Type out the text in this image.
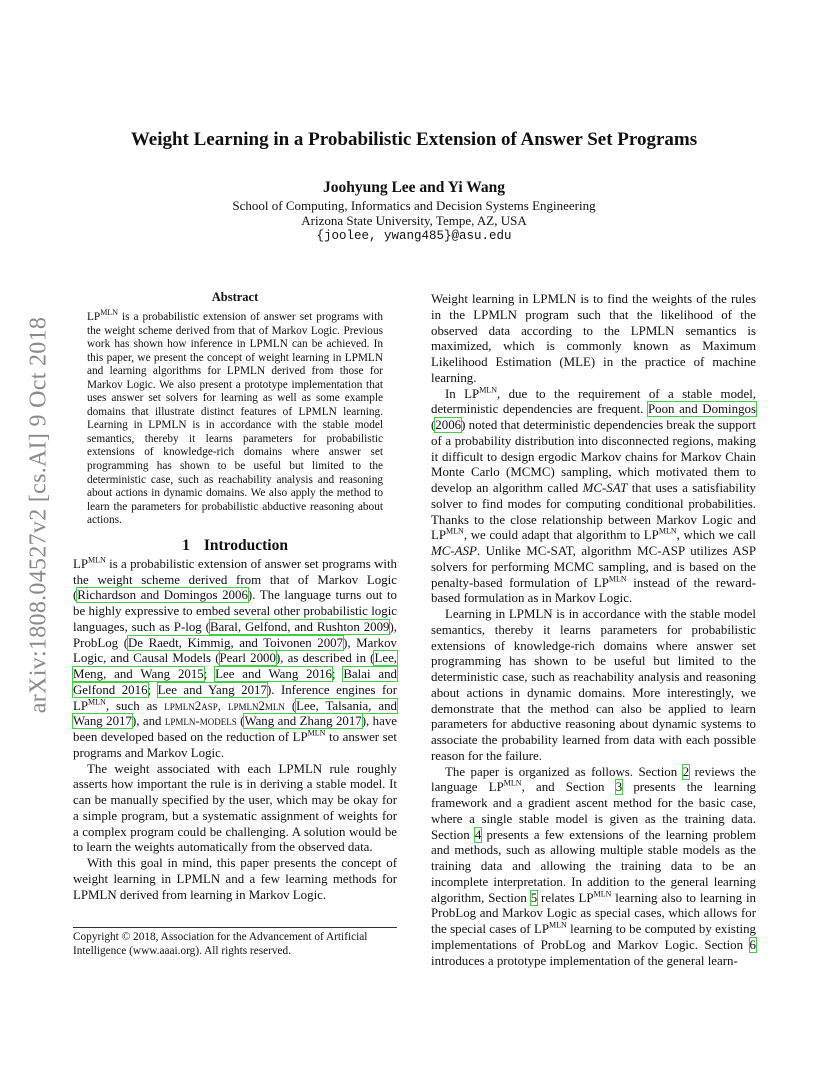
arXiv:1808.04527v2 [cs.AI] 9 Oct 2018
Weight Learning in a Probabilistic Extension of Answer Set Programs
Joohyung Lee and Yi Wang
School of Computing, Informatics and Decision Systems Engineering
Arizona State University, Tempe, AZ, USA
{joolee, ywang485}@asu.edu
Abstract

$LP^{MLN}$ is a probabilistic extension of answer set programs with the weight scheme derived from that of Markov Logic. Previous work has shown how inference in LPMLN can be achieved. In this paper, we present the concept of weight learning in LPMLN and learning algorithms for LPMLN derived from those for Markov Logic. We also present a prototype implementation that uses answer set solvers for learning as well as some example domains that illustrate distinct features of LPMLN learning. Learning in LPMLN is in accordance with the stable model semantics, thereby it learns parameters for probabilistic extensions of knowledge-rich domains where answer set programming has shown to be useful but limited to the deterministic case, such as reachability analysis and reasoning about actions in dynamic domains. We also apply the method to learn the parameters for probabilistic abductive reasoning about actions.

1 Introduction

$LP^{MLN}$ is a probabilistic extension of answer set programs with the weight scheme derived from that of Markov Logic (Richardson and Domingos 2006). The language turns out to be highly expressive to embed several other probabilistic logic languages, such as P-log (Baral, Gelfond, and Rushton 2009), ProbLog (De Raedt, Kimmig, and Toivonen 2007), Markov Logic, and Causal Models (Pearl 2000), as described in (Lee, Meng, and Wang 2015; Lee and Wang 2016; Balai and Gelfond 2016; Lee and Yang 2017). Inference engines for $LP^{MLN}$, such as lpmln2asp, lpmln2mln (Lee, Talsania, and Wang 2017), and lpmln-models (Wang and Zhang 2017), have been developed based on the reduction of $LP^{MLN}$ to answer set programs and Markov Logic.

The weight associated with each LPMLN rule roughly asserts how important the rule is in deriving a stable model. It can be manually specified by the user, which may be okay for a simple program, but a systematic assignment of weights for a complex program could be challenging. A solution would be to learn the weights automatically from the observed data.

With this goal in mind, this paper presents the concept of weight learning in LPMLN and a few learning methods for LPMLN derived from learning in Markov Logic.

Copyright © 2018, Association for the Advancement of Artificial Intelligence (www.aaai.org). All rights reserved.

Weight learning in LPMLN is to find the weights of the rules in the LPMLN program such that the likelihood of the observed data according to the LPMLN semantics is maximized, which is commonly known as Maximum Likelihood Estimation (MLE) in the practice of machine learning.

In $LP^{MLN}$, due to the requirement of a stable model, deterministic dependencies are frequent. Poon and Domingos (2006) noted that deterministic dependencies break the support of a probability distribution into disconnected regions, making it difficult to design ergodic Markov chains for Markov Chain Monte Carlo (MCMC) sampling, which motivated them to develop an algorithm called MC-SAT that uses a satisfiability solver to find modes for computing conditional probabilities. Thanks to the close relationship between Markov Logic and $LP^{MLN}$, we could adapt that algorithm to $LP^{MLN}$, which we call MC-ASP. Unlike MC-SAT, algorithm MC-ASP utilizes ASP solvers for performing MCMC sampling, and is based on the penalty-based formulation of $LP^{MLN}$ instead of the reward-based formulation as in Markov Logic.

Learning in LPMLN is in accordance with the stable model semantics, thereby it learns parameters for probabilistic extensions of knowledge-rich domains where answer set programming has shown to be useful but limited to the deterministic case, such as reachability analysis and reasoning about actions in dynamic domains. More interestingly, we demonstrate that the method can also be applied to learn parameters for abductive reasoning about dynamic systems to associate the probability learned from data with each possible reason for the failure.

The paper is organized as follows. Section 2 reviews the language $LP^{MLN}$, and Section 3 presents the learning framework and a gradient ascent method for the basic case, where a single stable model is given as the training data. Section 4 presents a few extensions of the learning problem and methods, such as allowing multiple stable models as the training data and allowing the training data to be an incomplete interpretation. In addition to the general learning algorithm, Section 5 relates $LP^{MLN}$ learning also to learning in ProbLog and Markov Logic as special cases, which allows for the special cases of $LP^{MLN}$ learning to be computed by existing implementations of ProbLog and Markov Logic. Section 6 introduces a prototype implementation of the general learn-
